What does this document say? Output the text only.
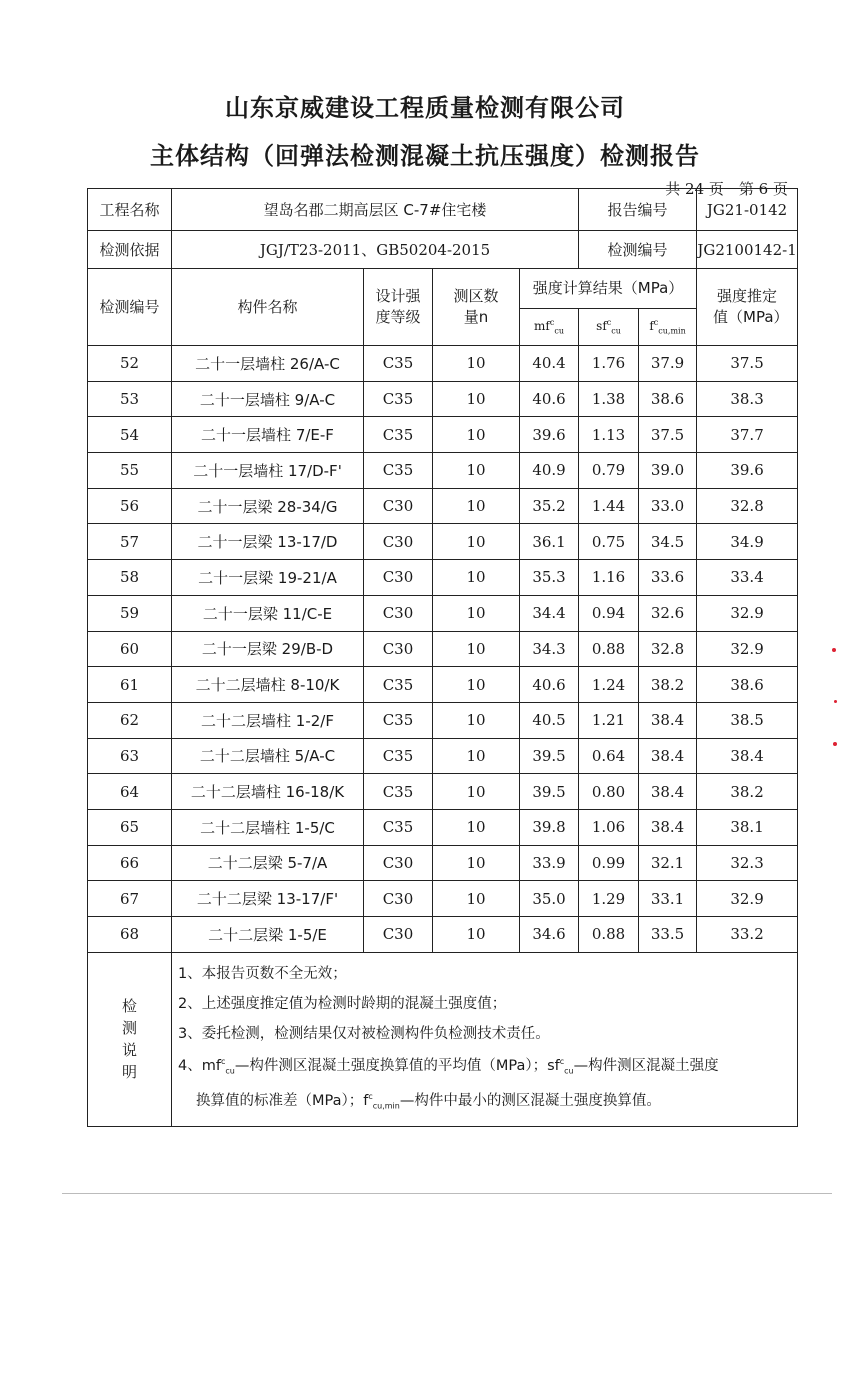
山东京威建设工程质量检测有限公司
主体结构（回弹法检测混凝土抗压强度）检测报告
共 24 页　第 6 页
工程名称	望岛名郡二期高层区 C-7#住宅楼				报告编号		JG21-0142
检测依据	JGJ/T23-2011、GB50204-2015				检测编号		JG2100142-1
检测编号	构件名称	设计强度等级	测区数量n	强度计算结果（MPa）			强度推定值（MPa）
				$mf^c_{cu}$	$sf^c_{cu}$	$f^c_{cu,min}$
52	二十一层墙柱 26/A-C	C35	10	40.4	1.76	37.9	37.5
53	二十一层墙柱 9/A-C	C35	10	40.6	1.38	38.6	38.3
54	二十一层墙柱 7/E-F	C35	10	39.6	1.13	37.5	37.7
55	二十一层墙柱 17/D-F'	C35	10	40.9	0.79	39.0	39.6
56	二十一层梁 28-34/G	C30	10	35.2	1.44	33.0	32.8
57	二十一层梁 13-17/D	C30	10	36.1	0.75	34.5	34.9
58	二十一层梁 19-21/A	C30	10	35.3	1.16	33.6	33.4
59	二十一层梁 11/C-E	C30	10	34.4	0.94	32.6	32.9
60	二十一层梁 29/B-D	C30	10	34.3	0.88	32.8	32.9
61	二十二层墙柱 8-10/K	C35	10	40.6	1.24	38.2	38.6
62	二十二层墙柱 1-2/F	C35	10	40.5	1.21	38.4	38.5
63	二十二层墙柱 5/A-C	C35	10	39.5	0.64	38.4	38.4
64	二十二层墙柱 16-18/K	C35	10	39.5	0.80	38.4	38.2
65	二十二层墙柱 1-5/C	C35	10	39.8	1.06	38.4	38.1
66	二十二层梁 5-7/A	C30	10	33.9	0.99	32.1	32.3
67	二十二层梁 13-17/F'	C30	10	35.0	1.29	33.1	32.9
68	二十二层梁 1-5/E	C30	10	34.6	0.88	33.5	33.2

检测说明	1、本报告页数不全无效；
2、上述强度推定值为检测时龄期的混凝土强度值；
3、委托检测，检测结果仅对被检测构件负检测技术责任。
4、$mf^c_{cu}—$构件测区混凝土强度换算值的平均值（MPa）；$sf^c_{cu}—$构件测区混凝土强度
换算值的标准差（MPa）；$f^c_{cu,min}—$构件中最小的测区混凝土强度换算值。						
